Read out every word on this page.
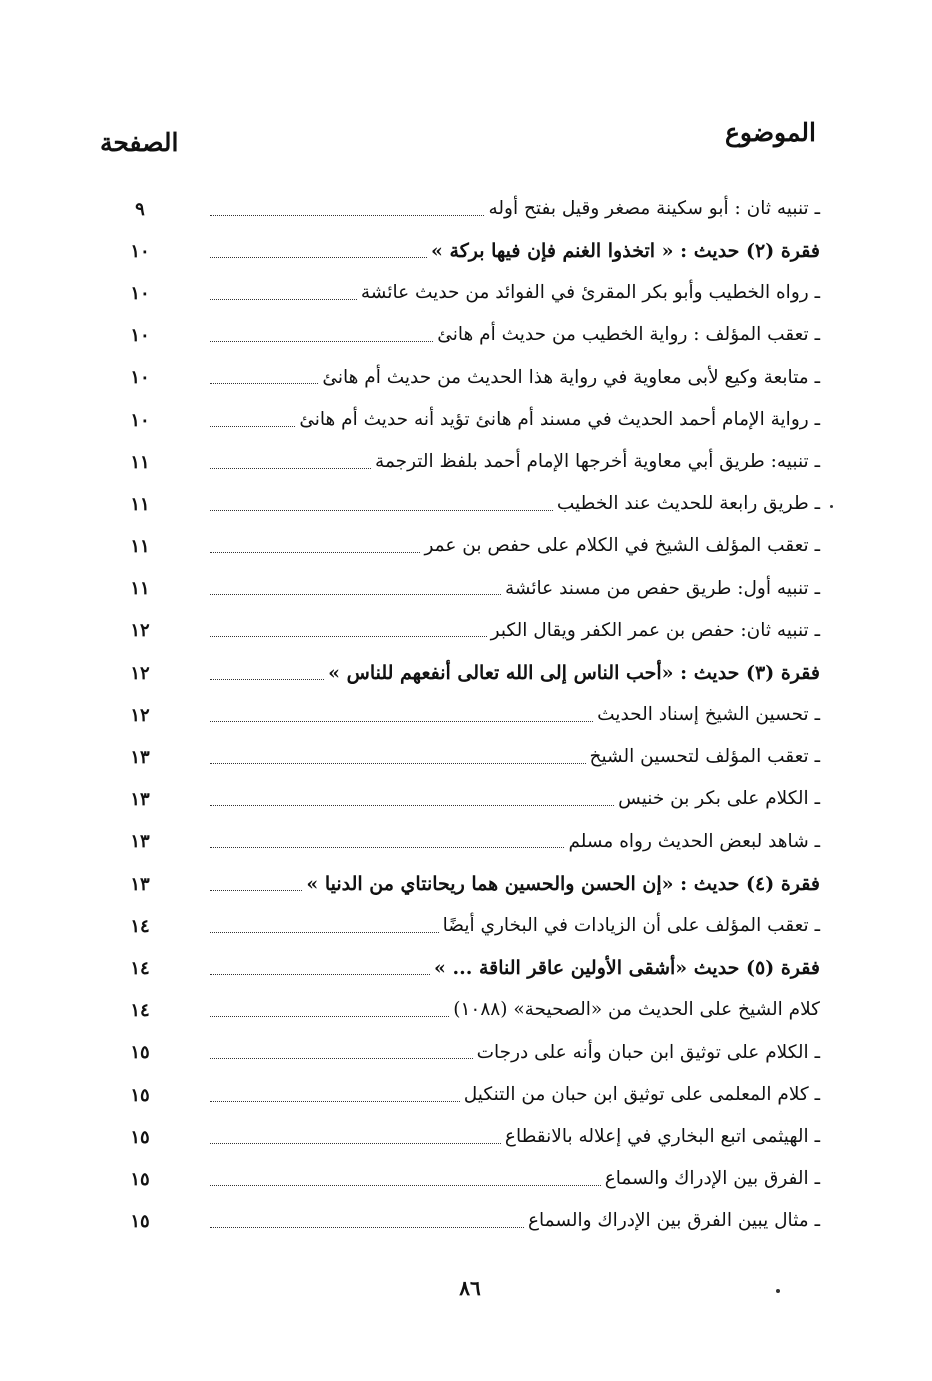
الموضوع
الصفحة
ـ تنبيه ثان : أبو سكينة مصغر وقيل بفتح أوله
٩
فقرة (٢) حديث : « اتخذوا الغنم فإن فيها بركة »
١٠
ـ رواه الخطيب وأبو بكر المقرئ في الفوائد من حديث عائشة
١٠
ـ تعقب المؤلف : رواية الخطيب من حديث أم هانئ
١٠
ـ متابعة وكيع لأبى معاوية في رواية هذا الحديث من حديث أم هانئ
١٠
ـ رواية الإمام أحمد الحديث في مسند أم هانئ تؤيد أنه حديث أم هانئ
١٠
ـ تنبيه: طريق أبي معاوية أخرجها الإمام أحمد بلفظ الترجمة
١١
ـ طريق رابعة للحديث عند الخطيب
١١
ـ تعقب المؤلف الشيخ في الكلام على حفص بن عمر
١١
ـ تنبيه أول: طريق حفص من مسند عائشة
١١
ـ تنبيه ثان: حفص بن عمر الكفر ويقال الكبر
١٢
فقرة (٣) حديث : «أحب الناس إلى الله تعالى أنفعهم للناس »
١٢
ـ تحسين الشيخ إسناد الحديث
١٢
ـ تعقب المؤلف لتحسين الشيخ
١٣
ـ الكلام على بكر بن خنيس
١٣
ـ شاهد لبعض الحديث رواه مسلم
١٣
فقرة (٤) حديث : «إن الحسن والحسين هما ريحانتاي من الدنيا »
١٣
ـ تعقب المؤلف على أن الزيادات في البخاري أيضًا
١٤
فقرة (٥) حديث «أشقى الأولين عاقر الناقة ... »
١٤
كلام الشيخ على الحديث من «الصحيحة» (١٠٨٨)
١٤
ـ الكلام على توثيق ابن حبان وأنه على درجات
١٥
ـ كلام المعلمى على توثيق ابن حبان من التنكيل
١٥
ـ الهيثمى اتبع البخاري في إعلاله بالانقطاع
١٥
ـ الفرق بين الإدراك والسماع
١٥
ـ مثال يبين الفرق بين الإدراك والسماع
١٥
٨٦
